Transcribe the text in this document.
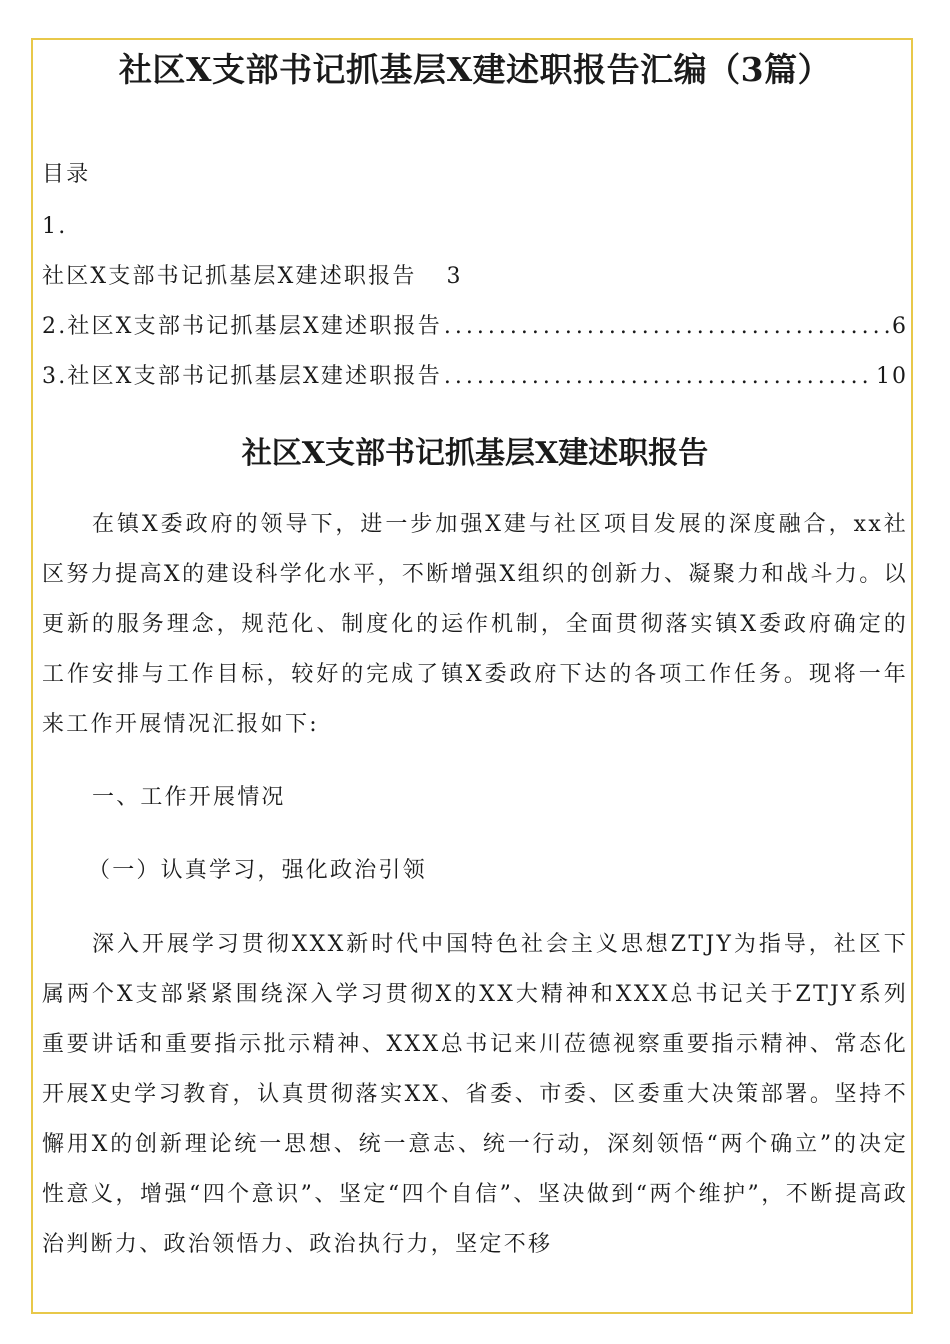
社区X支部书记抓基层X建述职报告汇编（3篇）

目录

1.

社区X支部书记抓基层X建述职报告 3

2.社区X支部书记抓基层X建述职报告 .....	6
3.社区X支部书记抓基层X建述职报告 .....	10
社区X支部书记抓基层X建述职报告

在镇X委政府的领导下，进一步加强X建与社区项目发展的深度融合，xx社区努力提高X的建设科学化水平，不断增强X组织的创新力、凝聚力和战斗力。以更新的服务理念，规范化、制度化的运作机制，全面贯彻落实镇X委政府确定的工作安排与工作目标，较好的完成了镇X委政府下达的各项工作任务。现将一年来工作开展情况汇报如下:

一、工作开展情况

（一）认真学习，强化政治引领

深入开展学习贯彻XXX新时代中国特色社会主义思想ZTJY为指导，社区下属两个X支部紧紧围绕深入学习贯彻X的XX大精神和XXX总书记关于ZTJY系列重要讲话和重要指示批示精神、XXX总书记来川莅德视察重要指示精神、常态化开展X史学习教育，认真贯彻落实XX、省委、市委、区委重大决策部署。坚持不懈用X的创新理论统一思想、统一意志、统一行动，深刻领悟“两个确立”的决定性意义，增强“四个意识”、坚定“四个自信”、坚决做到“两个维护”，不断提高政治判断力、政治领悟力、政治执行力，坚定不移
